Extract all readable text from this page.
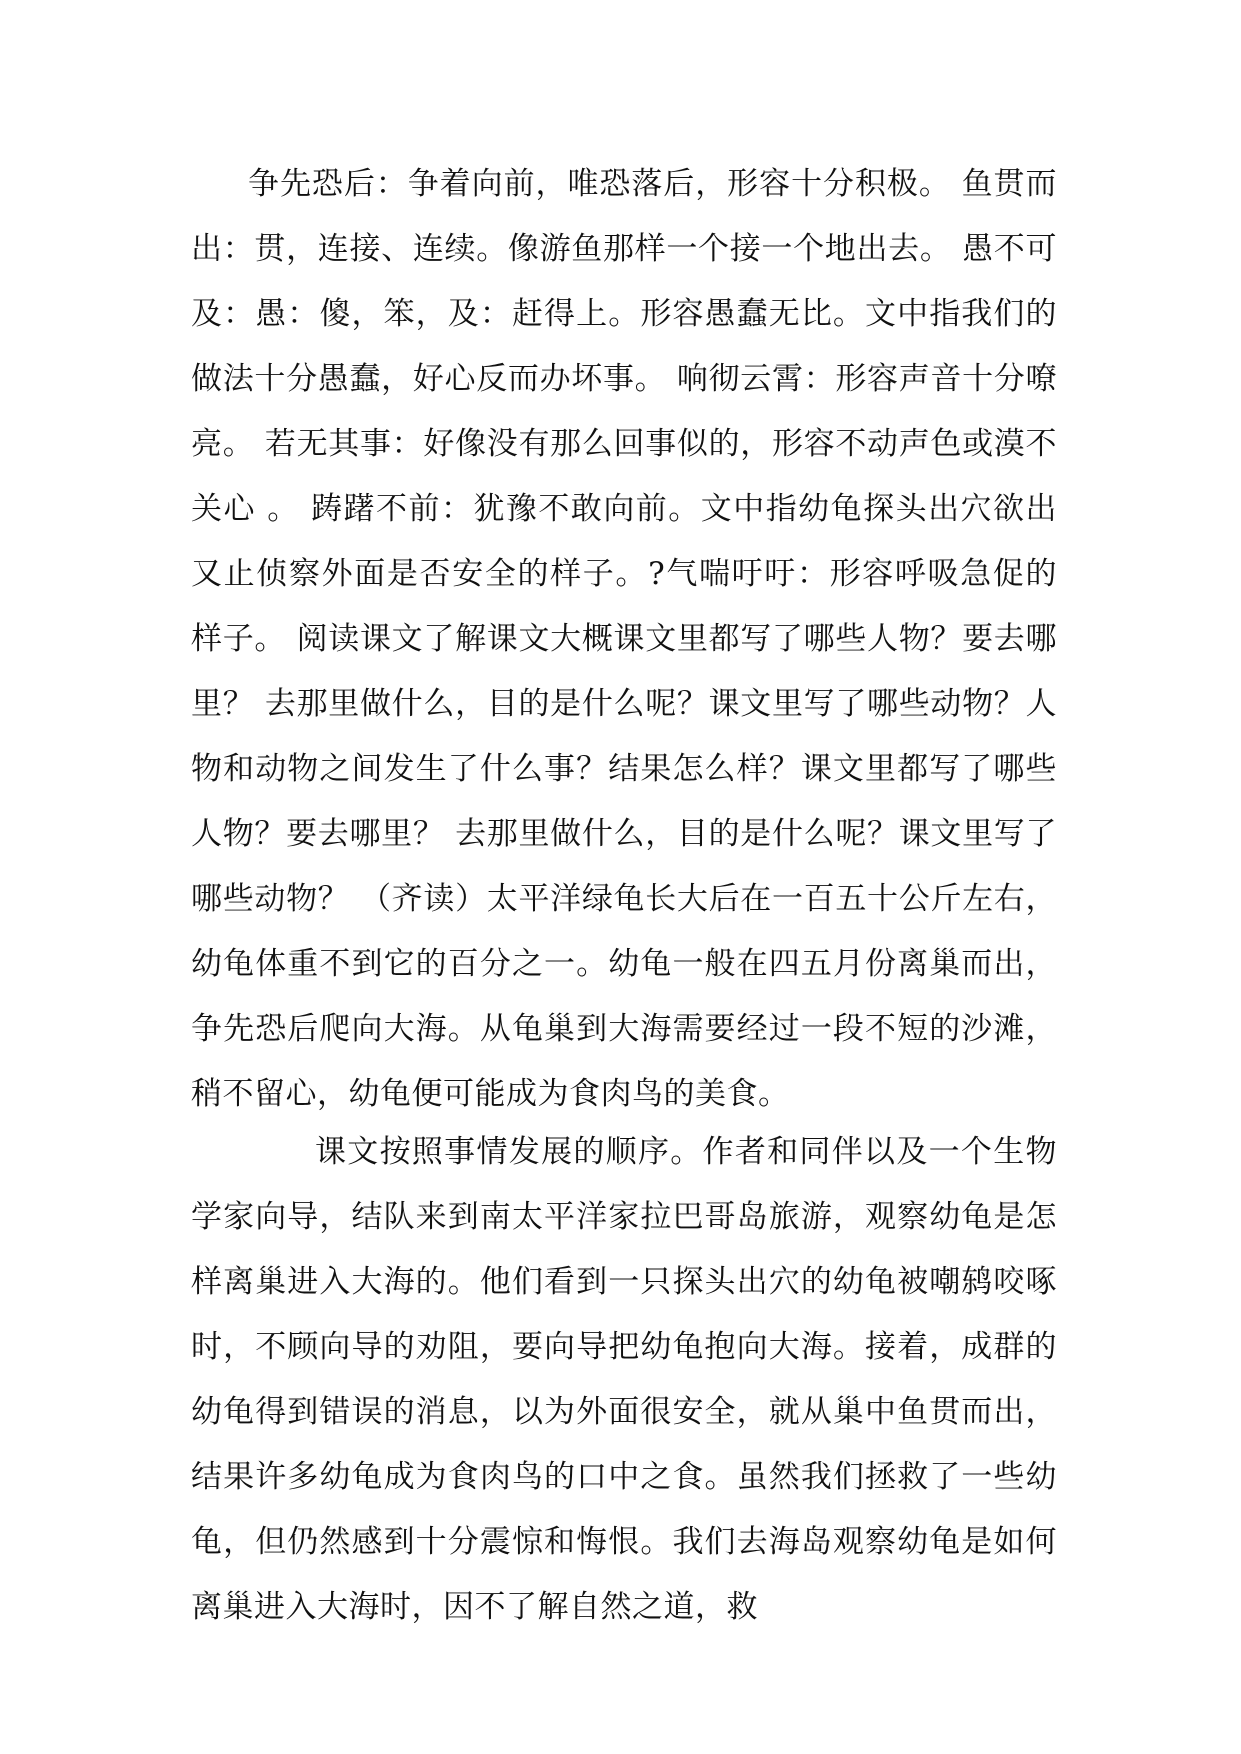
争先恐后：争着向前，唯恐落后，形容十分积极。 鱼贯而出：贯，连接、连续。像游鱼那样一个接一个地出去。 愚不可及：愚：傻，笨，及：赶得上。形容愚蠢无比。文中指我们的做法十分愚蠢，好心反而办坏事。 响彻云霄：形容声音十分嘹亮。 若无其事：好像没有那么回事似的，形容不动声色或漠不关心 。 踌躇不前：犹豫不敢向前。文中指幼龟探头出穴欲出又止侦察外面是否安全的样子。?气喘吁吁：形容呼吸急促的样子。 阅读课文了解课文大概课文里都写了哪些人物？要去哪里？ 去那里做什么，目的是什么呢？课文里写了哪些动物？人物和动物之间发生了什么事？结果怎么样？课文里都写了哪些人物？要去哪里？ 去那里做什么，目的是什么呢？课文里写了哪些动物？ （齐读）太平洋绿龟长大后在一百五十公斤左右，幼龟体重不到它的百分之一。幼龟一般在四五月份离巢而出，争先恐后爬向大海。从龟巢到大海需要经过一段不短的沙滩，稍不留心，幼龟便可能成为食肉鸟的美食。

课文按照事情发展的顺序。作者和同伴以及一个生物学家向导，结队来到南太平洋家拉巴哥岛旅游，观察幼龟是怎样离巢进入大海的。他们看到一只探头出穴的幼龟被嘲鸫咬啄时，不顾向导的劝阻，要向导把幼龟抱向大海。接着，成群的幼龟得到错误的消息，以为外面很安全，就从巢中鱼贯而出，结果许多幼龟成为食肉鸟的口中之食。虽然我们拯救了一些幼龟，但仍然感到十分震惊和悔恨。我们去海岛观察幼龟是如何离巢进入大海时，因不了解自然之道，救
